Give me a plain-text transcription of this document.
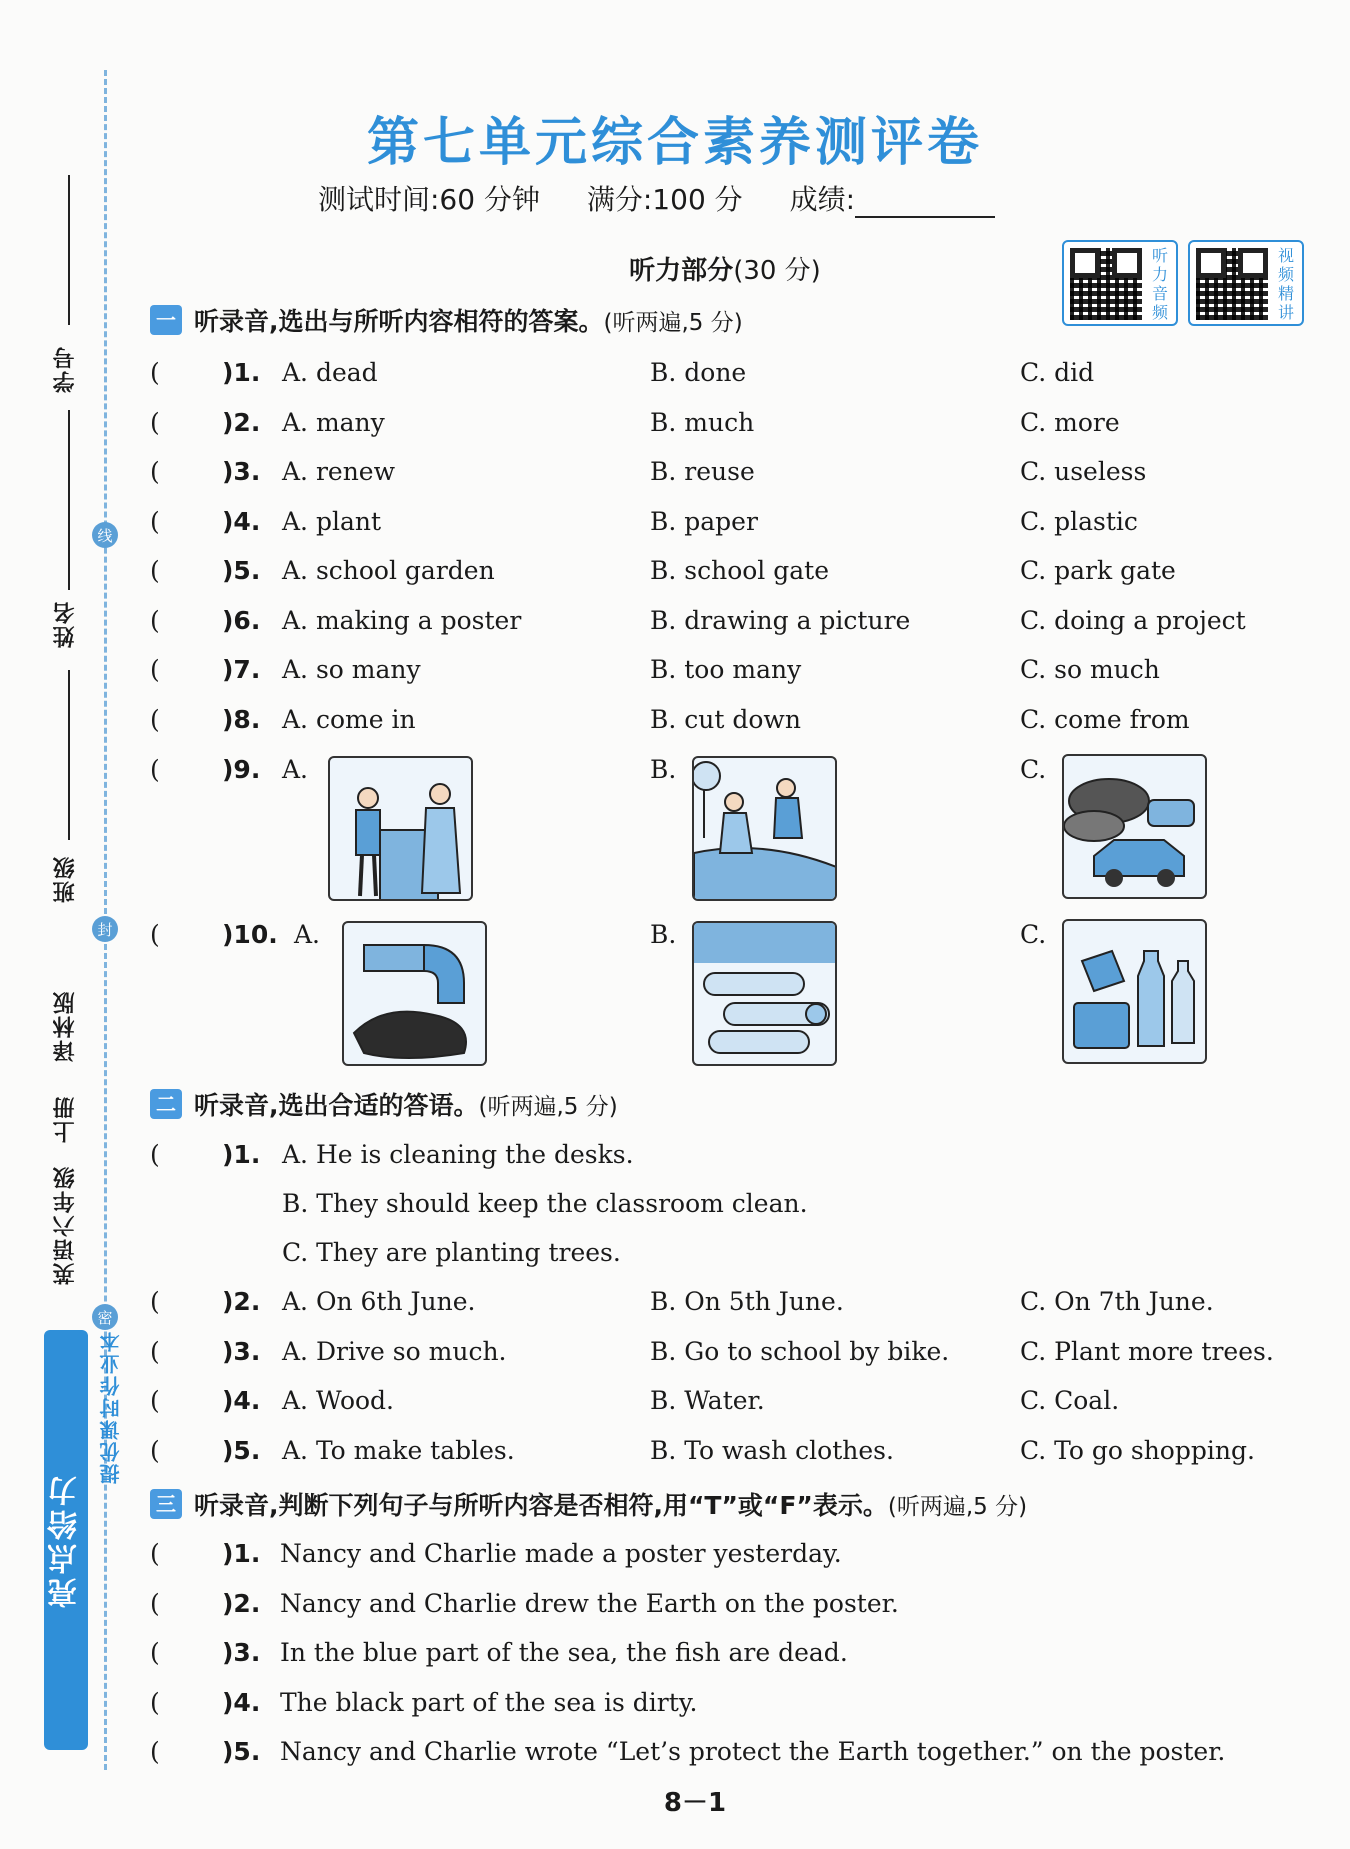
线
封
密
学号
姓名
班级
译林版
上册
英语六年级
亮点给力
提优课时作业本
第七单元综合素养测评卷
测试时间:60 分钟 满分:100 分 成绩:
听力部分(30 分)
听力音频
视频精讲
一 听录音,选出与所听内容相符的答案。 (听两遍,5 分)
( )1. A. dead	B. done	C. did
( )2. A. many	B. much	C. more
( )3. A. renew	B. reuse	C. useless
( )4. A. plant	B. paper	C. plastic
( )5. A. school garden	B. school gate	C. park gate
( )6. A. making a poster	B. drawing a picture	C. doing a project
( )7. A. so many	B. too many	C. so much
( )8. A. come in	B. cut down	C. come from
( )9. A.	B.	C.
( )10. A.	B.	C.
二 听录音,选出合适的答语。 (听两遍,5 分)
( )1. A. He is cleaning the desks.
B. They should keep the classroom clean.
C. They are planting trees.
( )2. A. On 6th June.	B. On 5th June.	C. On 7th June.
( )3. A. Drive so much.	B. Go to school by bike.	C. Plant more trees.
( )4. A. Wood.	B. Water.	C. Coal.
( )5. A. To make tables.	B. To wash clothes.	C. To go shopping.
三 听录音,判断下列句子与所听内容是否相符,用“T”或“F”表示。 (听两遍,5 分)
( )1. Nancy and Charlie made a poster yesterday.
( )2. Nancy and Charlie drew the Earth on the poster.
( )3. In the blue part of the sea, the fish are dead.
( )4. The black part of the sea is dirty.
( )5. Nancy and Charlie wrote “Let’s protect the Earth together.” on the poster.
8－1
